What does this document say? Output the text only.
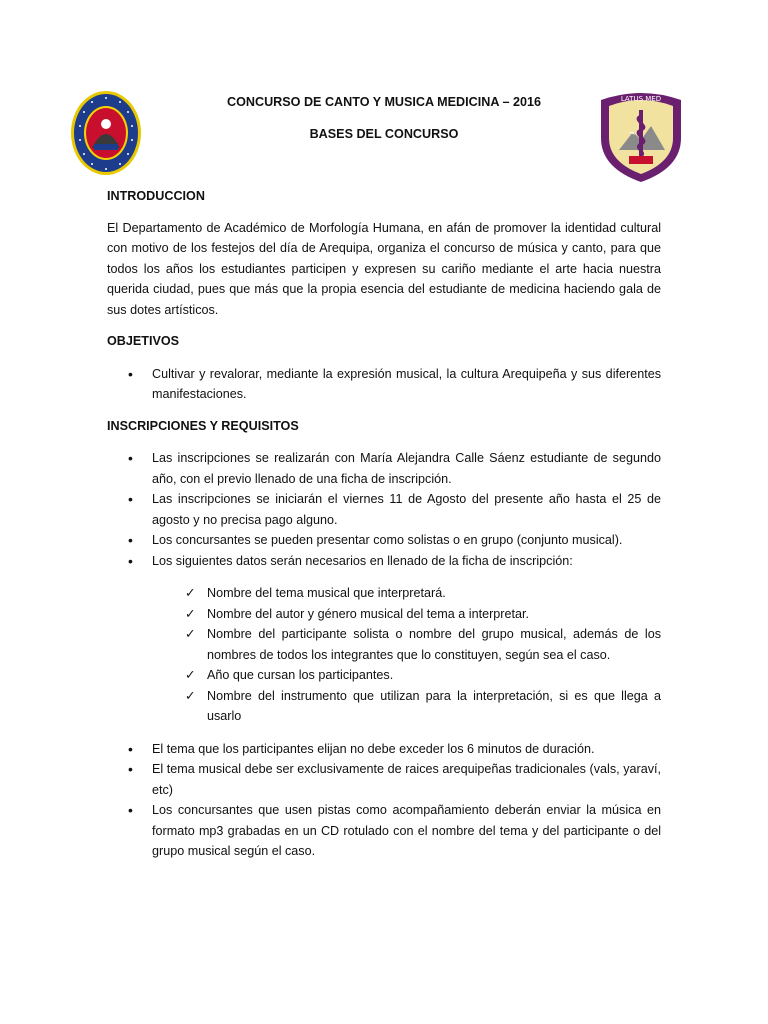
LATUS MED
CONCURSO DE CANTO Y MUSICA MEDICINA – 2016
BASES DEL CONCURSO

INTRODUCCION

El Departamento de Académico de Morfología Humana, en afán de promover la identidad cultural con motivo de los festejos del día de Arequipa, organiza el concurso de música y canto, para que todos los años los estudiantes participen y expresen su cariño mediante el arte hacia nuestra querida ciudad, pues que más que la propia esencia del estudiante de medicina haciendo gala de sus dotes artísticos.

OBJETIVOS

• Cultivar y revalorar, mediante la expresión musical, la cultura Arequipeña y sus diferentes manifestaciones.

INSCRIPCIONES Y REQUISITOS

• Las inscripciones se realizarán con María Alejandra Calle Sáenz estudiante de segundo año, con el previo llenado de una ficha de inscripción.
• Las inscripciones se iniciarán el viernes 11 de Agosto del presente año hasta el 25 de agosto y no precisa pago alguno.
• Los concursantes se pueden presentar como solistas o en grupo (conjunto musical).
• Los siguientes datos serán necesarios en llenado de la ficha de inscripción:
✓ Nombre del tema musical que interpretará.
✓ Nombre del autor y género musical del tema a interpretar.
✓ Nombre del participante solista o nombre del grupo musical, además de los nombres de todos los integrantes que lo constituyen, según sea el caso.
✓ Año que cursan los participantes.
✓ Nombre del instrumento que utilizan para la interpretación, si es que llega a usarlo
• El tema que los participantes elijan no debe exceder los 6 minutos de duración.
• El tema musical debe ser exclusivamente de raices arequipeñas tradicionales (vals, yaraví, etc)
• Los concursantes que usen pistas como acompañamiento deberán enviar la música en formato mp3 grabadas en un CD rotulado con el nombre del tema y del participante o del grupo musical según el caso.
